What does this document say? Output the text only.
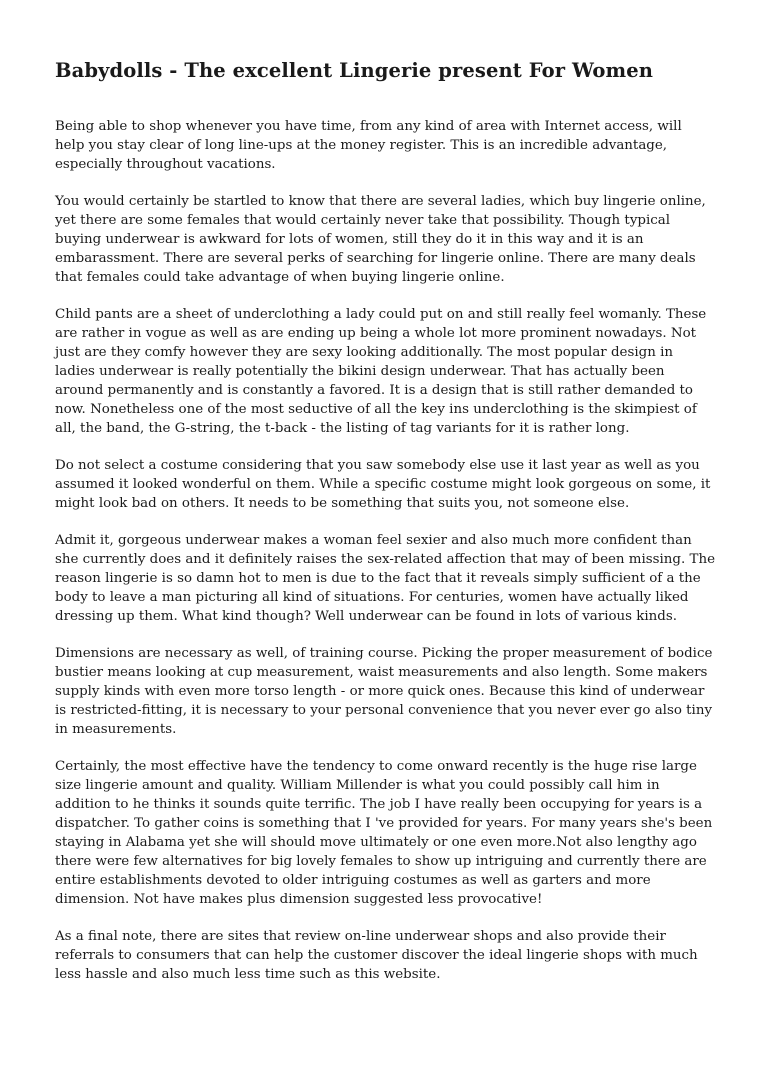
Babydolls - The excellent Lingerie present For Women

Being able to shop whenever you have time, from any kind of area with Internet access, will help you stay clear of long line-ups at the money register. This is an incredible advantage, especially throughout vacations.

You would certainly be startled to know that there are several ladies, which buy lingerie online, yet there are some females that would certainly never take that possibility. Though typical buying underwear is awkward for lots of women, still they do it in this way and it is an embarassment. There are several perks of searching for lingerie online. There are many deals that females could take advantage of when buying lingerie online.

Child pants are a sheet of underclothing a lady could put on and still really feel womanly. These are rather in vogue as well as are ending up being a whole lot more prominent nowadays. Not just are they comfy however they are sexy looking additionally. The most popular design in ladies underwear is really potentially the bikini design underwear. That has actually been around permanently and is constantly a favored. It is a design that is still rather demanded to now. Nonetheless one of the most seductive of all the key ins underclothing is the skimpiest of all, the band, the G-string, the t-back - the listing of tag variants for it is rather long.

Do not select a costume considering that you saw somebody else use it last year as well as you assumed it looked wonderful on them. While a specific costume might look gorgeous on some, it might look bad on others. It needs to be something that suits you, not someone else.

Admit it, gorgeous underwear makes a woman feel sexier and also much more confident than she currently does and it definitely raises the sex-related affection that may of been missing. The reason lingerie is so damn hot to men is due to the fact that it reveals simply sufficient of a the body to leave a man picturing all kind of situations. For centuries, women have actually liked dressing up them. What kind though? Well underwear can be found in lots of various kinds.

Dimensions are necessary as well, of training course. Picking the proper measurement of bodice bustier means looking at cup measurement, waist measurements and also length. Some makers supply kinds with even more torso length - or more quick ones. Because this kind of underwear is restricted-fitting, it is necessary to your personal convenience that you never ever go also tiny in measurements.

Certainly, the most effective have the tendency to come onward recently is the huge rise large size lingerie amount and quality. William Millender is what you could possibly call him in addition to he thinks it sounds quite terrific. The job I have really been occupying for years is a dispatcher. To gather coins is something that I 've provided for years. For many years she's been staying in Alabama yet she will should move ultimately or one even more.Not also lengthy ago there were few alternatives for big lovely females to show up intriguing and currently there are entire establishments devoted to older intriguing costumes as well as garters and more dimension. Not have makes plus dimension suggested less provocative!

As a final note, there are sites that review on-line underwear shops and also provide their referrals to consumers that can help the customer discover the ideal lingerie shops with much less hassle and also much less time such as this website.
